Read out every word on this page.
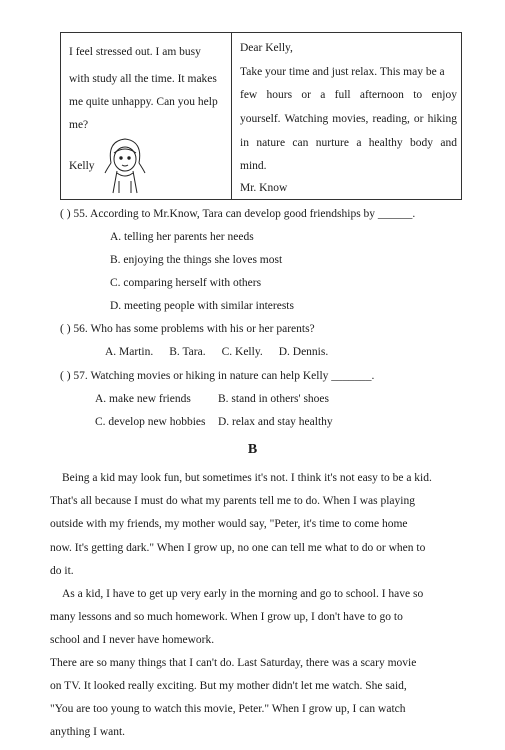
I feel stressed out. I am busy
with study all the time. It makes
me quite unhappy. Can you help
me?
Kelly
Dear Kelly,
Take your time and just relax. This may be a
few hours or a full afternoon to enjoy
yourself. Watching movies, reading, or hiking
in nature can nurture a healthy body and
mind.
Mr. Know
( ) 55. According to Mr.Know, Tara can develop good friendships by ______.
A. telling her parents her needs
B. enjoying the things she loves most
C. comparing herself with others
D. meeting people with similar interests
( ) 56. Who has some problems with his or her parents?
A. Martin. B. Tara. C. Kelly. D. Dennis.
( ) 57. Watching movies or hiking in nature can help Kelly _______.
A. make new friends B. stand in others' shoes
C. develop new hobbies D. relax and stay healthy
B
Being a kid may look fun, but sometimes it's not. I think it's not easy to be a kid.
That's all because I must do what my parents tell me to do. When I was playing
outside with my friends, my mother would say, "Peter, it's time to come home
now. It's getting dark." When I grow up, no one can tell me what to do or when to
do it.
As a kid, I have to get up very early in the morning and go to school. I have so
many lessons and so much homework. When I grow up, I don't have to go to
school and I never have homework.
There are so many things that I can't do. Last Saturday, there was a scary movie
on TV. It looked really exciting. But my mother didn't let me watch. She said,
"You are too young to watch this movie, Peter." When I grow up, I can watch
anything I want.
